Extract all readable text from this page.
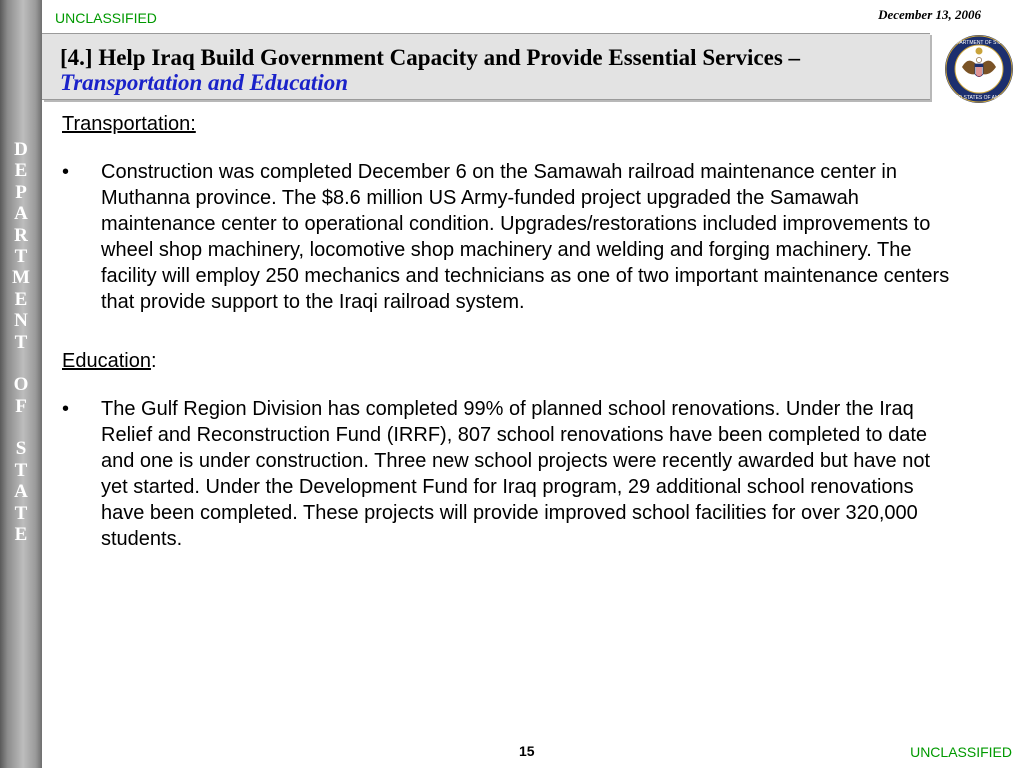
D
E
P
A
R
T
M
E
N
T

O
F

S
T
A
T
E
UNCLASSIFIED	December 13, 2006
[4.] Help Iraq Build Government Capacity and Provide Essential Services –Transportation and Education
DEPARTMENT OF STATE
UNITED STATES OF AMERICA
Transportation:
• Construction was completed December 6 on the Samawah railroad maintenance center in Muthanna province. The $8.6 million US Army-funded project upgraded the Samawah maintenance center to operational condition. Upgrades/restorations included improvements to wheel shop machinery, locomotive shop machinery and welding and forging machinery. The facility will employ 250 mechanics and technicians as one of two important maintenance centers that provide support to the Iraqi railroad system.
Education:
• The Gulf Region Division has completed 99% of planned school renovations. Under the Iraq Relief and Reconstruction Fund (IRRF), 807 school renovations have been completed to date and one is under construction. Three new school projects were recently awarded but have not yet started. Under the Development Fund for Iraq program, 29 additional school renovations have been completed. These projects will provide improved school facilities for over 320,000 students.
15	UNCLASSIFIED
